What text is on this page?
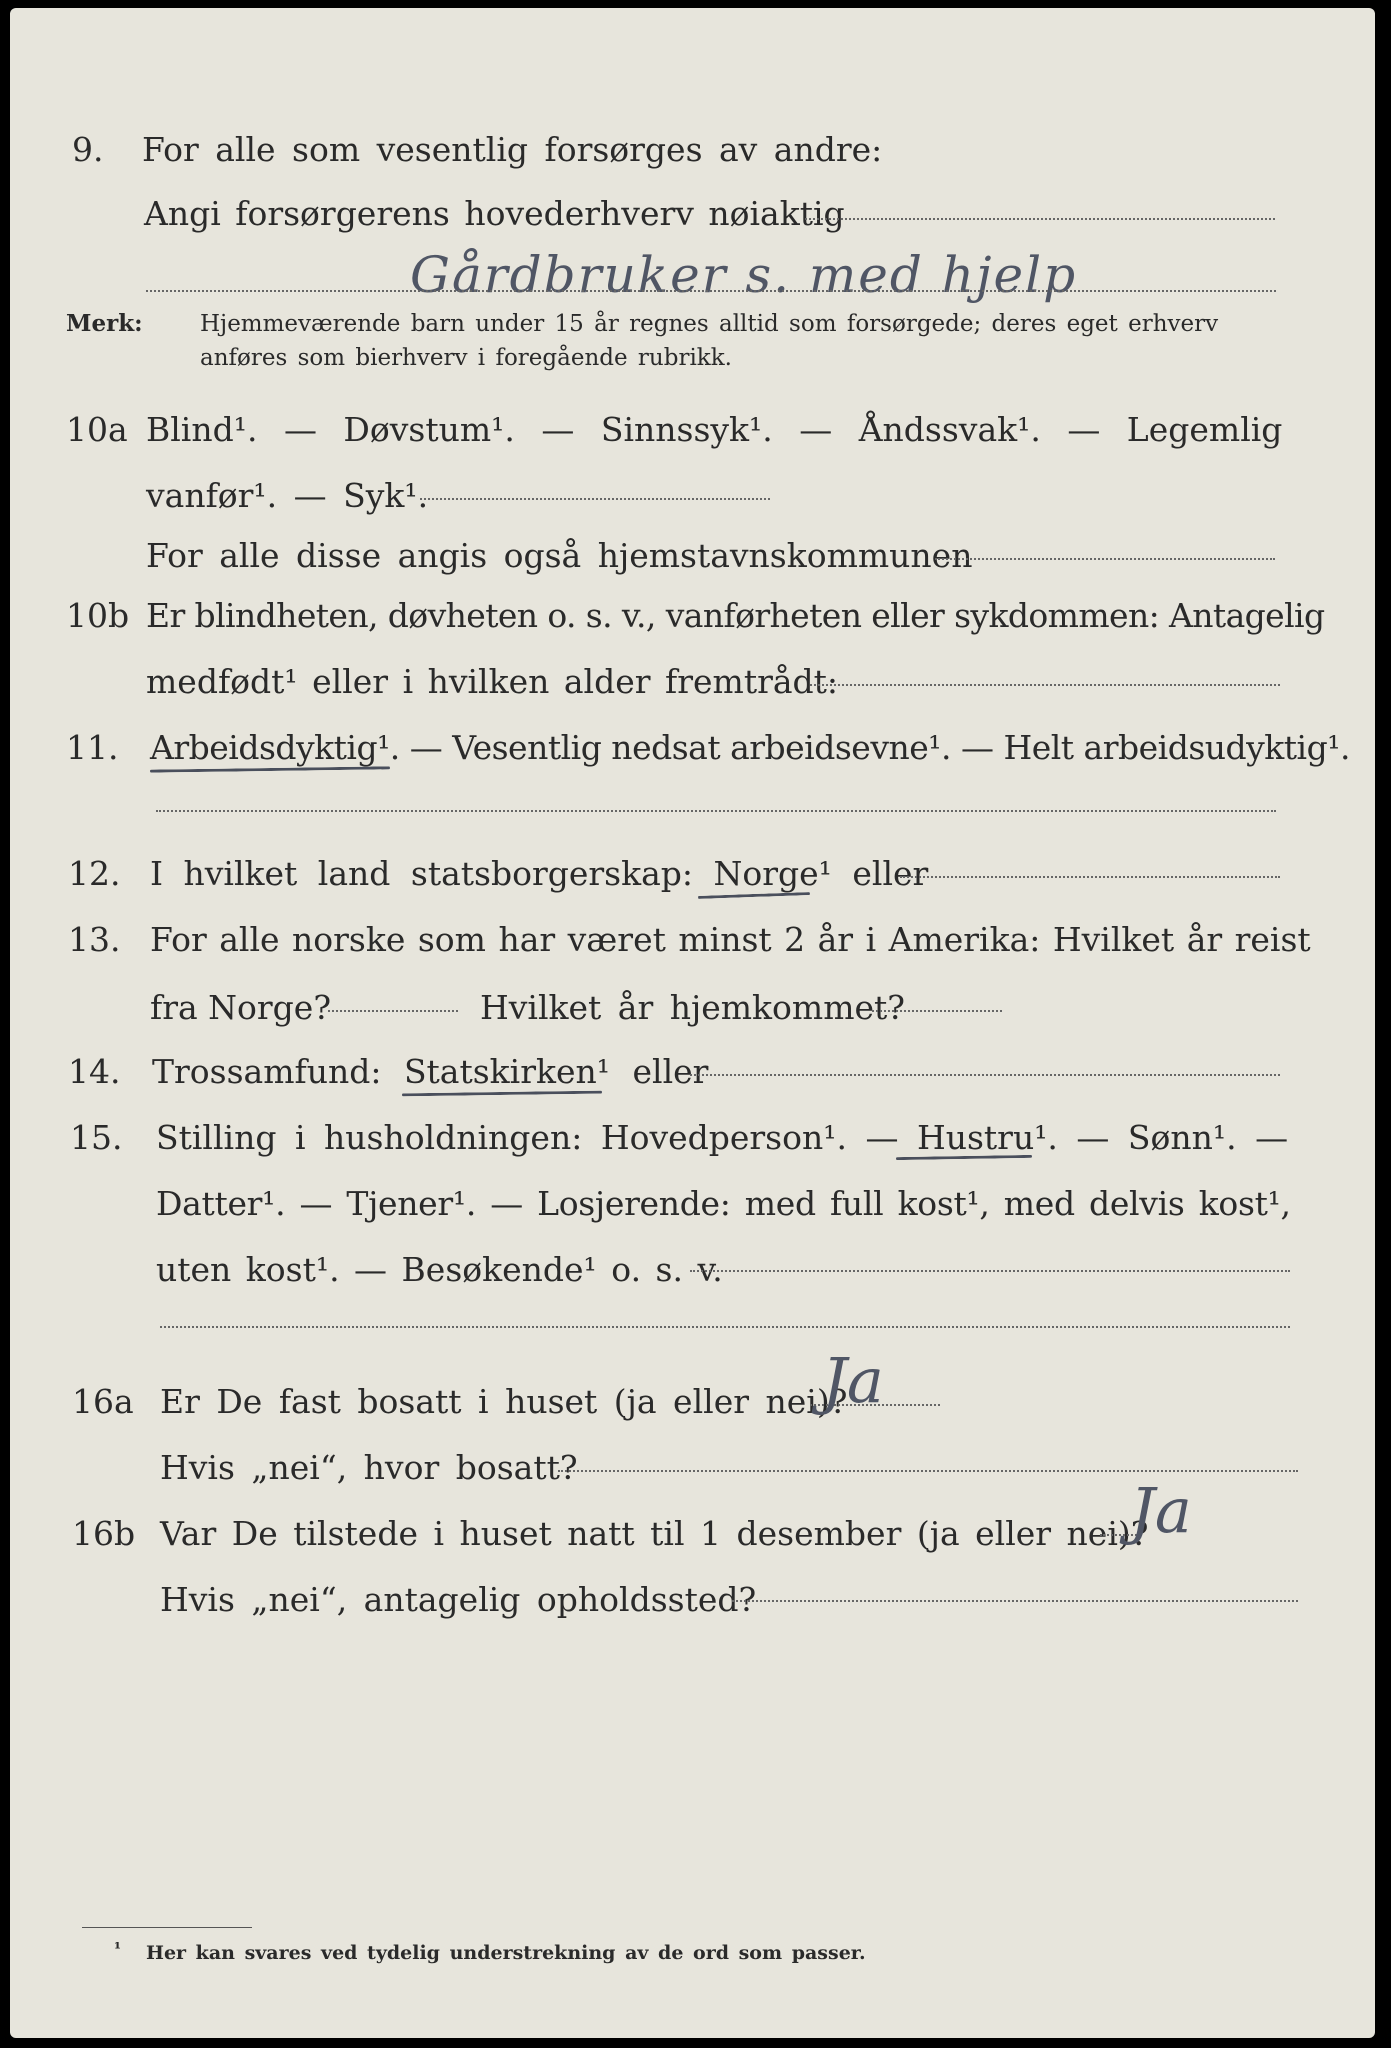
9. For alle som vesentlig forsørges av andre:
Angi forsørgerens hovederhverv nøiaktig
Gårdbruker s. med hjelp
Merk: Hjemmeværende barn under 15 år regnes alltid som forsørgede; deres eget erhverv
anføres som bierhverv i foregående rubrikk.
10a Blind¹. — Døvstum¹. — Sinnssyk¹. — Åndssvak¹. — Legemlig
vanfør¹. — Syk¹.
For alle disse angis også hjemstavnskommunen
10b Er blindheten, døvheten o. s. v., vanførheten eller sykdommen: Antagelig
medfødt¹ eller i hvilken alder fremtrådt:
11. Arbeidsdyktig¹. — Vesentlig nedsat arbeidsevne¹. — Helt arbeidsudyktig¹.
12. I hvilket land statsborgerskap: Norge¹ eller
13. For alle norske som har været minst 2 år i Amerika: Hvilket år reist
fra Norge?	Hvilket år hjemkommet?
14. Trossamfund: Statskirken¹ eller
15. Stilling i husholdningen: Hovedperson¹. — Hustru¹. — Sønn¹. —
Datter¹. — Tjener¹. — Losjerende: med full kost¹, med delvis kost¹,
uten kost¹. — Besøkende¹ o. s. v.
16a Er De fast bosatt i huset (ja eller nei)?
Ja
Hvis „nei“, hvor bosatt?
16b Var De tilstede i huset natt til 1 desember (ja eller nei)?
Ja
Hvis „nei“, antagelig opholdssted?
¹ Her kan svares ved tydelig understrekning av de ord som passer.
